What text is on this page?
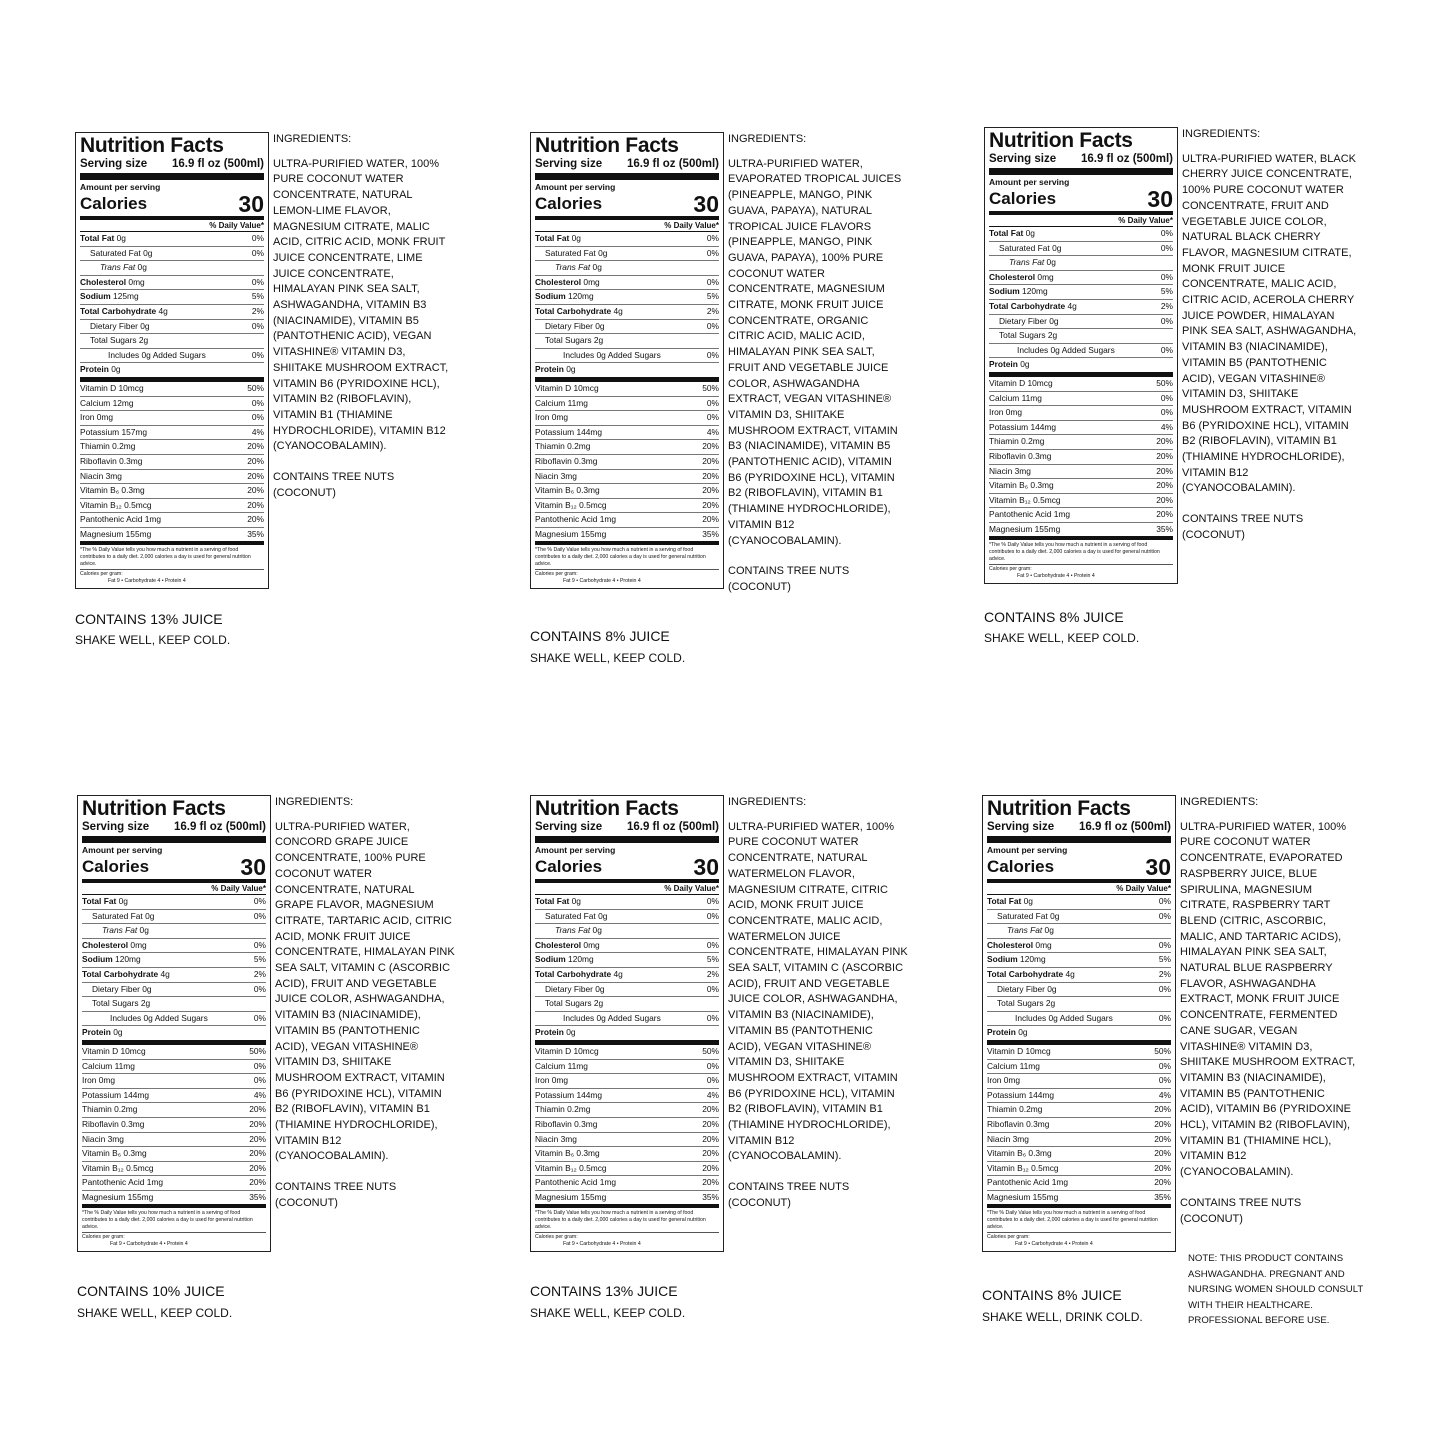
Nutrition Facts
Serving size 16.9 fl oz (500ml)
Amount per serving
Calories	30
% Daily Value*
Total Fat 0g	0%
Saturated Fat 0g	0%
Trans Fat 0g
Cholesterol 0mg	0%
Sodium 125mg	5%
Total Carbohydrate 4g	2%
Dietary Fiber 0g	0%
Total Sugars 2g
Includes 0g Added Sugars	0%
Protein 0g
Vitamin D 10mcg	50%
Calcium 12mg	0%
Iron 0mg	0%
Potassium 157mg	4%
Thiamin 0.2mg	20%
Riboflavin 0.3mg	20%
Niacin 3mg	20%
Vitamin B₆ 0.3mg	20%
Vitamin B₁₂ 0.5mcg	20%
Pantothenic Acid 1mg	20%
Magnesium 155mg	35%
*The % Daily Value tells you how much a nutrient in a serving of food contributes to a daily diet. 2,000 calories a day is used for general nutrition advice.
Calories per gram:
Fat 9 • Carbohydrate 4 • Protein 4
INGREDIENTS:
ULTRA-PURIFIED WATER, 100% PURE COCONUT WATER CONCENTRATE, NATURAL LEMON-LIME FLAVOR, MAGNESIUM CITRATE, MALIC ACID, CITRIC ACID, MONK FRUIT JUICE CONCENTRATE, LIME JUICE CONCENTRATE, HIMALAYAN PINK SEA SALT, ASHWAGANDHA, VITAMIN B3 (NIACINAMIDE), VITAMIN B5 (PANTOTHENIC ACID), VEGAN VITASHINE® VITAMIN D3, SHIITAKE MUSHROOM EXTRACT, VITAMIN B6 (PYRIDOXINE HCL), VITAMIN B2 (RIBOFLAVIN), VITAMIN B1 (THIAMINE HYDROCHLORIDE), VITAMIN B12 (CYANOCOBALAMIN).
CONTAINS TREE NUTS (COCONUT)
CONTAINS 13% JUICE
SHAKE WELL, KEEP COLD.
Nutrition Facts
Serving size 16.9 fl oz (500ml)
Amount per serving
Calories	30
% Daily Value*
Total Fat 0g	0%
Saturated Fat 0g	0%
Trans Fat 0g
Cholesterol 0mg	0%
Sodium 120mg	5%
Total Carbohydrate 4g	2%
Dietary Fiber 0g	0%
Total Sugars 2g
Includes 0g Added Sugars	0%
Protein 0g
Vitamin D 10mcg	50%
Calcium 11mg	0%
Iron 0mg	0%
Potassium 144mg	4%
Thiamin 0.2mg	20%
Riboflavin 0.3mg	20%
Niacin 3mg	20%
Vitamin B₆ 0.3mg	20%
Vitamin B₁₂ 0.5mcg	20%
Pantothenic Acid 1mg	20%
Magnesium 155mg	35%
*The % Daily Value tells you how much a nutrient in a serving of food contributes to a daily diet. 2,000 calories a day is used for general nutrition advice.
Calories per gram:
Fat 9 • Carbohydrate 4 • Protein 4
INGREDIENTS:
ULTRA-PURIFIED WATER, EVAPORATED TROPICAL JUICES (PINEAPPLE, MANGO, PINK GUAVA, PAPAYA), NATURAL TROPICAL JUICE FLAVORS (PINEAPPLE, MANGO, PINK GUAVA, PAPAYA), 100% PURE COCONUT WATER CONCENTRATE, MAGNESIUM CITRATE, MONK FRUIT JUICE CONCENTRATE, ORGANIC CITRIC ACID, MALIC ACID, HIMALAYAN PINK SEA SALT, FRUIT AND VEGETABLE JUICE COLOR, ASHWAGANDHA EXTRACT, VEGAN VITASHINE® VITAMIN D3, SHIITAKE MUSHROOM EXTRACT, VITAMIN B3 (NIACINAMIDE), VITAMIN B5 (PANTOTHENIC ACID), VITAMIN B6 (PYRIDOXINE HCL), VITAMIN B2 (RIBOFLAVIN), VITAMIN B1 (THIAMINE HYDROCHLORIDE), VITAMIN B12 (CYANOCOBALAMIN).
CONTAINS TREE NUTS (COCONUT)
CONTAINS 8% JUICE
SHAKE WELL, KEEP COLD.
Nutrition Facts
Serving size 16.9 fl oz (500ml)
Amount per serving
Calories	30
% Daily Value*
Total Fat 0g	0%
Saturated Fat 0g	0%
Trans Fat 0g
Cholesterol 0mg	0%
Sodium 120mg	5%
Total Carbohydrate 4g	2%
Dietary Fiber 0g	0%
Total Sugars 2g
Includes 0g Added Sugars	0%
Protein 0g
Vitamin D 10mcg	50%
Calcium 11mg	0%
Iron 0mg	0%
Potassium 144mg	4%
Thiamin 0.2mg	20%
Riboflavin 0.3mg	20%
Niacin 3mg	20%
Vitamin B₆ 0.3mg	20%
Vitamin B₁₂ 0.5mcg	20%
Pantothenic Acid 1mg	20%
Magnesium 155mg	35%
*The % Daily Value tells you how much a nutrient in a serving of food contributes to a daily diet. 2,000 calories a day is used for general nutrition advice.
Calories per gram:
Fat 9 • Carbohydrate 4 • Protein 4
INGREDIENTS:
ULTRA-PURIFIED WATER, BLACK CHERRY JUICE CONCENTRATE, 100% PURE COCONUT WATER CONCENTRATE, FRUIT AND VEGETABLE JUICE COLOR, NATURAL BLACK CHERRY FLAVOR, MAGNESIUM CITRATE, MONK FRUIT JUICE CONCENTRATE, MALIC ACID, CITRIC ACID, ACEROLA CHERRY JUICE POWDER, HIMALAYAN PINK SEA SALT, ASHWAGANDHA, VITAMIN B3 (NIACINAMIDE), VITAMIN B5 (PANTOTHENIC ACID), VEGAN VITASHINE® VITAMIN D3, SHIITAKE MUSHROOM EXTRACT, VITAMIN B6 (PYRIDOXINE HCL), VITAMIN B2 (RIBOFLAVIN), VITAMIN B1 (THIAMINE HYDROCHLORIDE), VITAMIN B12 (CYANOCOBALAMIN).
CONTAINS TREE NUTS (COCONUT)
CONTAINS 8% JUICE
SHAKE WELL, KEEP COLD.
Nutrition Facts
Serving size 16.9 fl oz (500ml)
Amount per serving
Calories	30
% Daily Value*
Total Fat 0g	0%
Saturated Fat 0g	0%
Trans Fat 0g
Cholesterol 0mg	0%
Sodium 120mg	5%
Total Carbohydrate 4g	2%
Dietary Fiber 0g	0%
Total Sugars 2g
Includes 0g Added Sugars	0%
Protein 0g
Vitamin D 10mcg	50%
Calcium 11mg	0%
Iron 0mg	0%
Potassium 144mg	4%
Thiamin 0.2mg	20%
Riboflavin 0.3mg	20%
Niacin 3mg	20%
Vitamin B₆ 0.3mg	20%
Vitamin B₁₂ 0.5mcg	20%
Pantothenic Acid 1mg	20%
Magnesium 155mg	35%
*The % Daily Value tells you how much a nutrient in a serving of food contributes to a daily diet. 2,000 calories a day is used for general nutrition advice.
Calories per gram:
Fat 9 • Carbohydrate 4 • Protein 4
INGREDIENTS:
ULTRA-PURIFIED WATER, CONCORD GRAPE JUICE CONCENTRATE, 100% PURE COCONUT WATER CONCENTRATE, NATURAL GRAPE FLAVOR, MAGNESIUM CITRATE, TARTARIC ACID, CITRIC ACID, MONK FRUIT JUICE CONCENTRATE, HIMALAYAN PINK SEA SALT, VITAMIN C (ASCORBIC ACID), FRUIT AND VEGETABLE JUICE COLOR, ASHWAGANDHA, VITAMIN B3 (NIACINAMIDE), VITAMIN B5 (PANTOTHENIC ACID), VEGAN VITASHINE® VITAMIN D3, SHIITAKE MUSHROOM EXTRACT, VITAMIN B6 (PYRIDOXINE HCL), VITAMIN B2 (RIBOFLAVIN), VITAMIN B1 (THIAMINE HYDROCHLORIDE), VITAMIN B12 (CYANOCOBALAMIN).
CONTAINS TREE NUTS (COCONUT)
CONTAINS 10% JUICE
SHAKE WELL, KEEP COLD.
Nutrition Facts
Serving size 16.9 fl oz (500ml)
Amount per serving
Calories	30
% Daily Value*
Total Fat 0g	0%
Saturated Fat 0g	0%
Trans Fat 0g
Cholesterol 0mg	0%
Sodium 120mg	5%
Total Carbohydrate 4g	2%
Dietary Fiber 0g	0%
Total Sugars 2g
Includes 0g Added Sugars	0%
Protein 0g
Vitamin D 10mcg	50%
Calcium 11mg	0%
Iron 0mg	0%
Potassium 144mg	4%
Thiamin 0.2mg	20%
Riboflavin 0.3mg	20%
Niacin 3mg	20%
Vitamin B₆ 0.3mg	20%
Vitamin B₁₂ 0.5mcg	20%
Pantothenic Acid 1mg	20%
Magnesium 155mg	35%
*The % Daily Value tells you how much a nutrient in a serving of food contributes to a daily diet. 2,000 calories a day is used for general nutrition advice.
Calories per gram:
Fat 9 • Carbohydrate 4 • Protein 4
INGREDIENTS:
ULTRA-PURIFIED WATER, 100% PURE COCONUT WATER CONCENTRATE, NATURAL WATERMELON FLAVOR, MAGNESIUM CITRATE, CITRIC ACID, MONK FRUIT JUICE CONCENTRATE, MALIC ACID, WATERMELON JUICE CONCENTRATE, HIMALAYAN PINK SEA SALT, VITAMIN C (ASCORBIC ACID), FRUIT AND VEGETABLE JUICE COLOR, ASHWAGANDHA, VITAMIN B3 (NIACINAMIDE), VITAMIN B5 (PANTOTHENIC ACID), VEGAN VITASHINE® VITAMIN D3, SHIITAKE MUSHROOM EXTRACT, VITAMIN B6 (PYRIDOXINE HCL), VITAMIN B2 (RIBOFLAVIN), VITAMIN B1 (THIAMINE HYDROCHLORIDE), VITAMIN B12 (CYANOCOBALAMIN).
CONTAINS TREE NUTS (COCONUT)
CONTAINS 13% JUICE
SHAKE WELL, KEEP COLD.
Nutrition Facts
Serving size 16.9 fl oz (500ml)
Amount per serving
Calories	30
% Daily Value*
Total Fat 0g	0%
Saturated Fat 0g	0%
Trans Fat 0g
Cholesterol 0mg	0%
Sodium 120mg	5%
Total Carbohydrate 4g	2%
Dietary Fiber 0g	0%
Total Sugars 2g
Includes 0g Added Sugars	0%
Protein 0g
Vitamin D 10mcg	50%
Calcium 11mg	0%
Iron 0mg	0%
Potassium 144mg	4%
Thiamin 0.2mg	20%
Riboflavin 0.3mg	20%
Niacin 3mg	20%
Vitamin B₆ 0.3mg	20%
Vitamin B₁₂ 0.5mcg	20%
Pantothenic Acid 1mg	20%
Magnesium 155mg	35%
*The % Daily Value tells you how much a nutrient in a serving of food contributes to a daily diet. 2,000 calories a day is used for general nutrition advice.
Calories per gram:
Fat 9 • Carbohydrate 4 • Protein 4
INGREDIENTS:
ULTRA-PURIFIED WATER, 100% PURE COCONUT WATER CONCENTRATE, EVAPORATED RASPBERRY JUICE, BLUE SPIRULINA, MAGNESIUM CITRATE, RASPBERRY TART BLEND (CITRIC, ASCORBIC, MALIC, AND TARTARIC ACIDS), HIMALAYAN PINK SEA SALT, NATURAL BLUE RASPBERRY FLAVOR, ASHWAGANDHA EXTRACT, MONK FRUIT JUICE CONCENTRATE, FERMENTED CANE SUGAR, VEGAN VITASHINE® VITAMIN D3, SHIITAKE MUSHROOM EXTRACT, VITAMIN B3 (NIACINAMIDE), VITAMIN B5 (PANTOTHENIC ACID), VITAMIN B6 (PYRIDOXINE HCL), VITAMIN B2 (RIBOFLAVIN), VITAMIN B1 (THIAMINE HCL), VITAMIN B12 (CYANOCOBALAMIN).
CONTAINS TREE NUTS (COCONUT)
CONTAINS 8% JUICE
SHAKE WELL, DRINK COLD.
NOTE: THIS PRODUCT CONTAINS ASHWAGANDHA. PREGNANT AND NURSING WOMEN SHOULD CONSULT WITH THEIR HEALTHCARE. PROFESSIONAL BEFORE USE.
